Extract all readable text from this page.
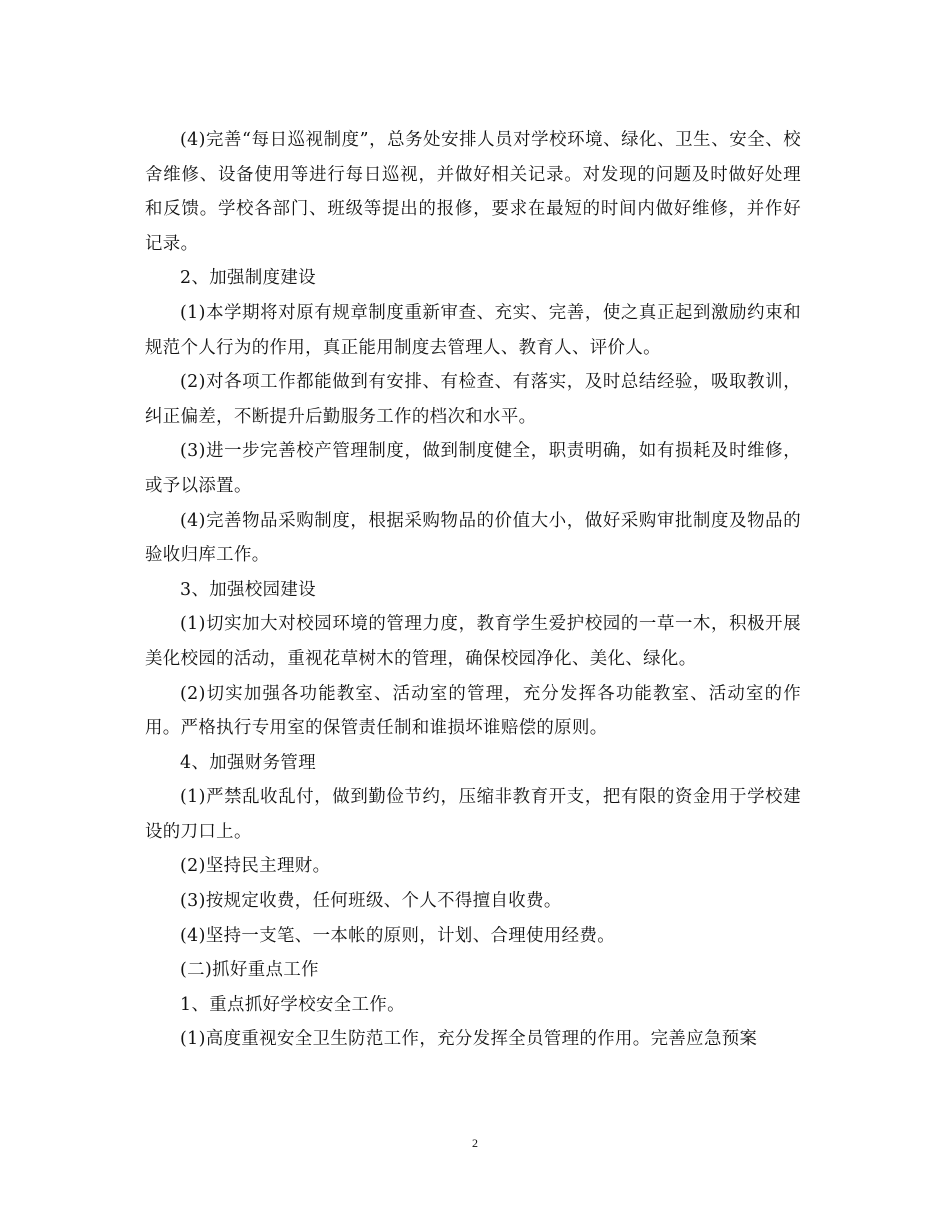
(4)完善“每日巡视制度”，总务处安排人员对学校环境、绿化、卫生、安全、校舍维修、设备使用等进行每日巡视，并做好相关记录。对发现的问题及时做好处理和反馈。学校各部门、班级等提出的报修，要求在最短的时间内做好维修，并作好记录。

2、加强制度建设

(1)本学期将对原有规章制度重新审查、充实、完善，使之真正起到激励约束和规范个人行为的作用，真正能用制度去管理人、教育人、评价人。

(2)对各项工作都能做到有安排、有检查、有落实，及时总结经验，吸取教训，纠正偏差，不断提升后勤服务工作的档次和水平。

(3)进一步完善校产管理制度，做到制度健全，职责明确，如有损耗及时维修，或予以添置。

(4)完善物品采购制度，根据采购物品的价值大小，做好采购审批制度及物品的验收归库工作。

3、加强校园建设

(1)切实加大对校园环境的管理力度，教育学生爱护校园的一草一木，积极开展美化校园的活动，重视花草树木的管理，确保校园净化、美化、绿化。

(2)切实加强各功能教室、活动室的管理，充分发挥各功能教室、活动室的作用。严格执行专用室的保管责任制和谁损坏谁赔偿的原则。

4、加强财务管理

(1)严禁乱收乱付，做到勤俭节约，压缩非教育开支，把有限的资金用于学校建设的刀口上。

(2)坚持民主理财。

(3)按规定收费，任何班级、个人不得擅自收费。

(4)坚持一支笔、一本帐的原则，计划、合理使用经费。

(二)抓好重点工作

1、重点抓好学校安全工作。

(1)高度重视安全卫生防范工作，充分发挥全员管理的作用。完善应急预案

2
